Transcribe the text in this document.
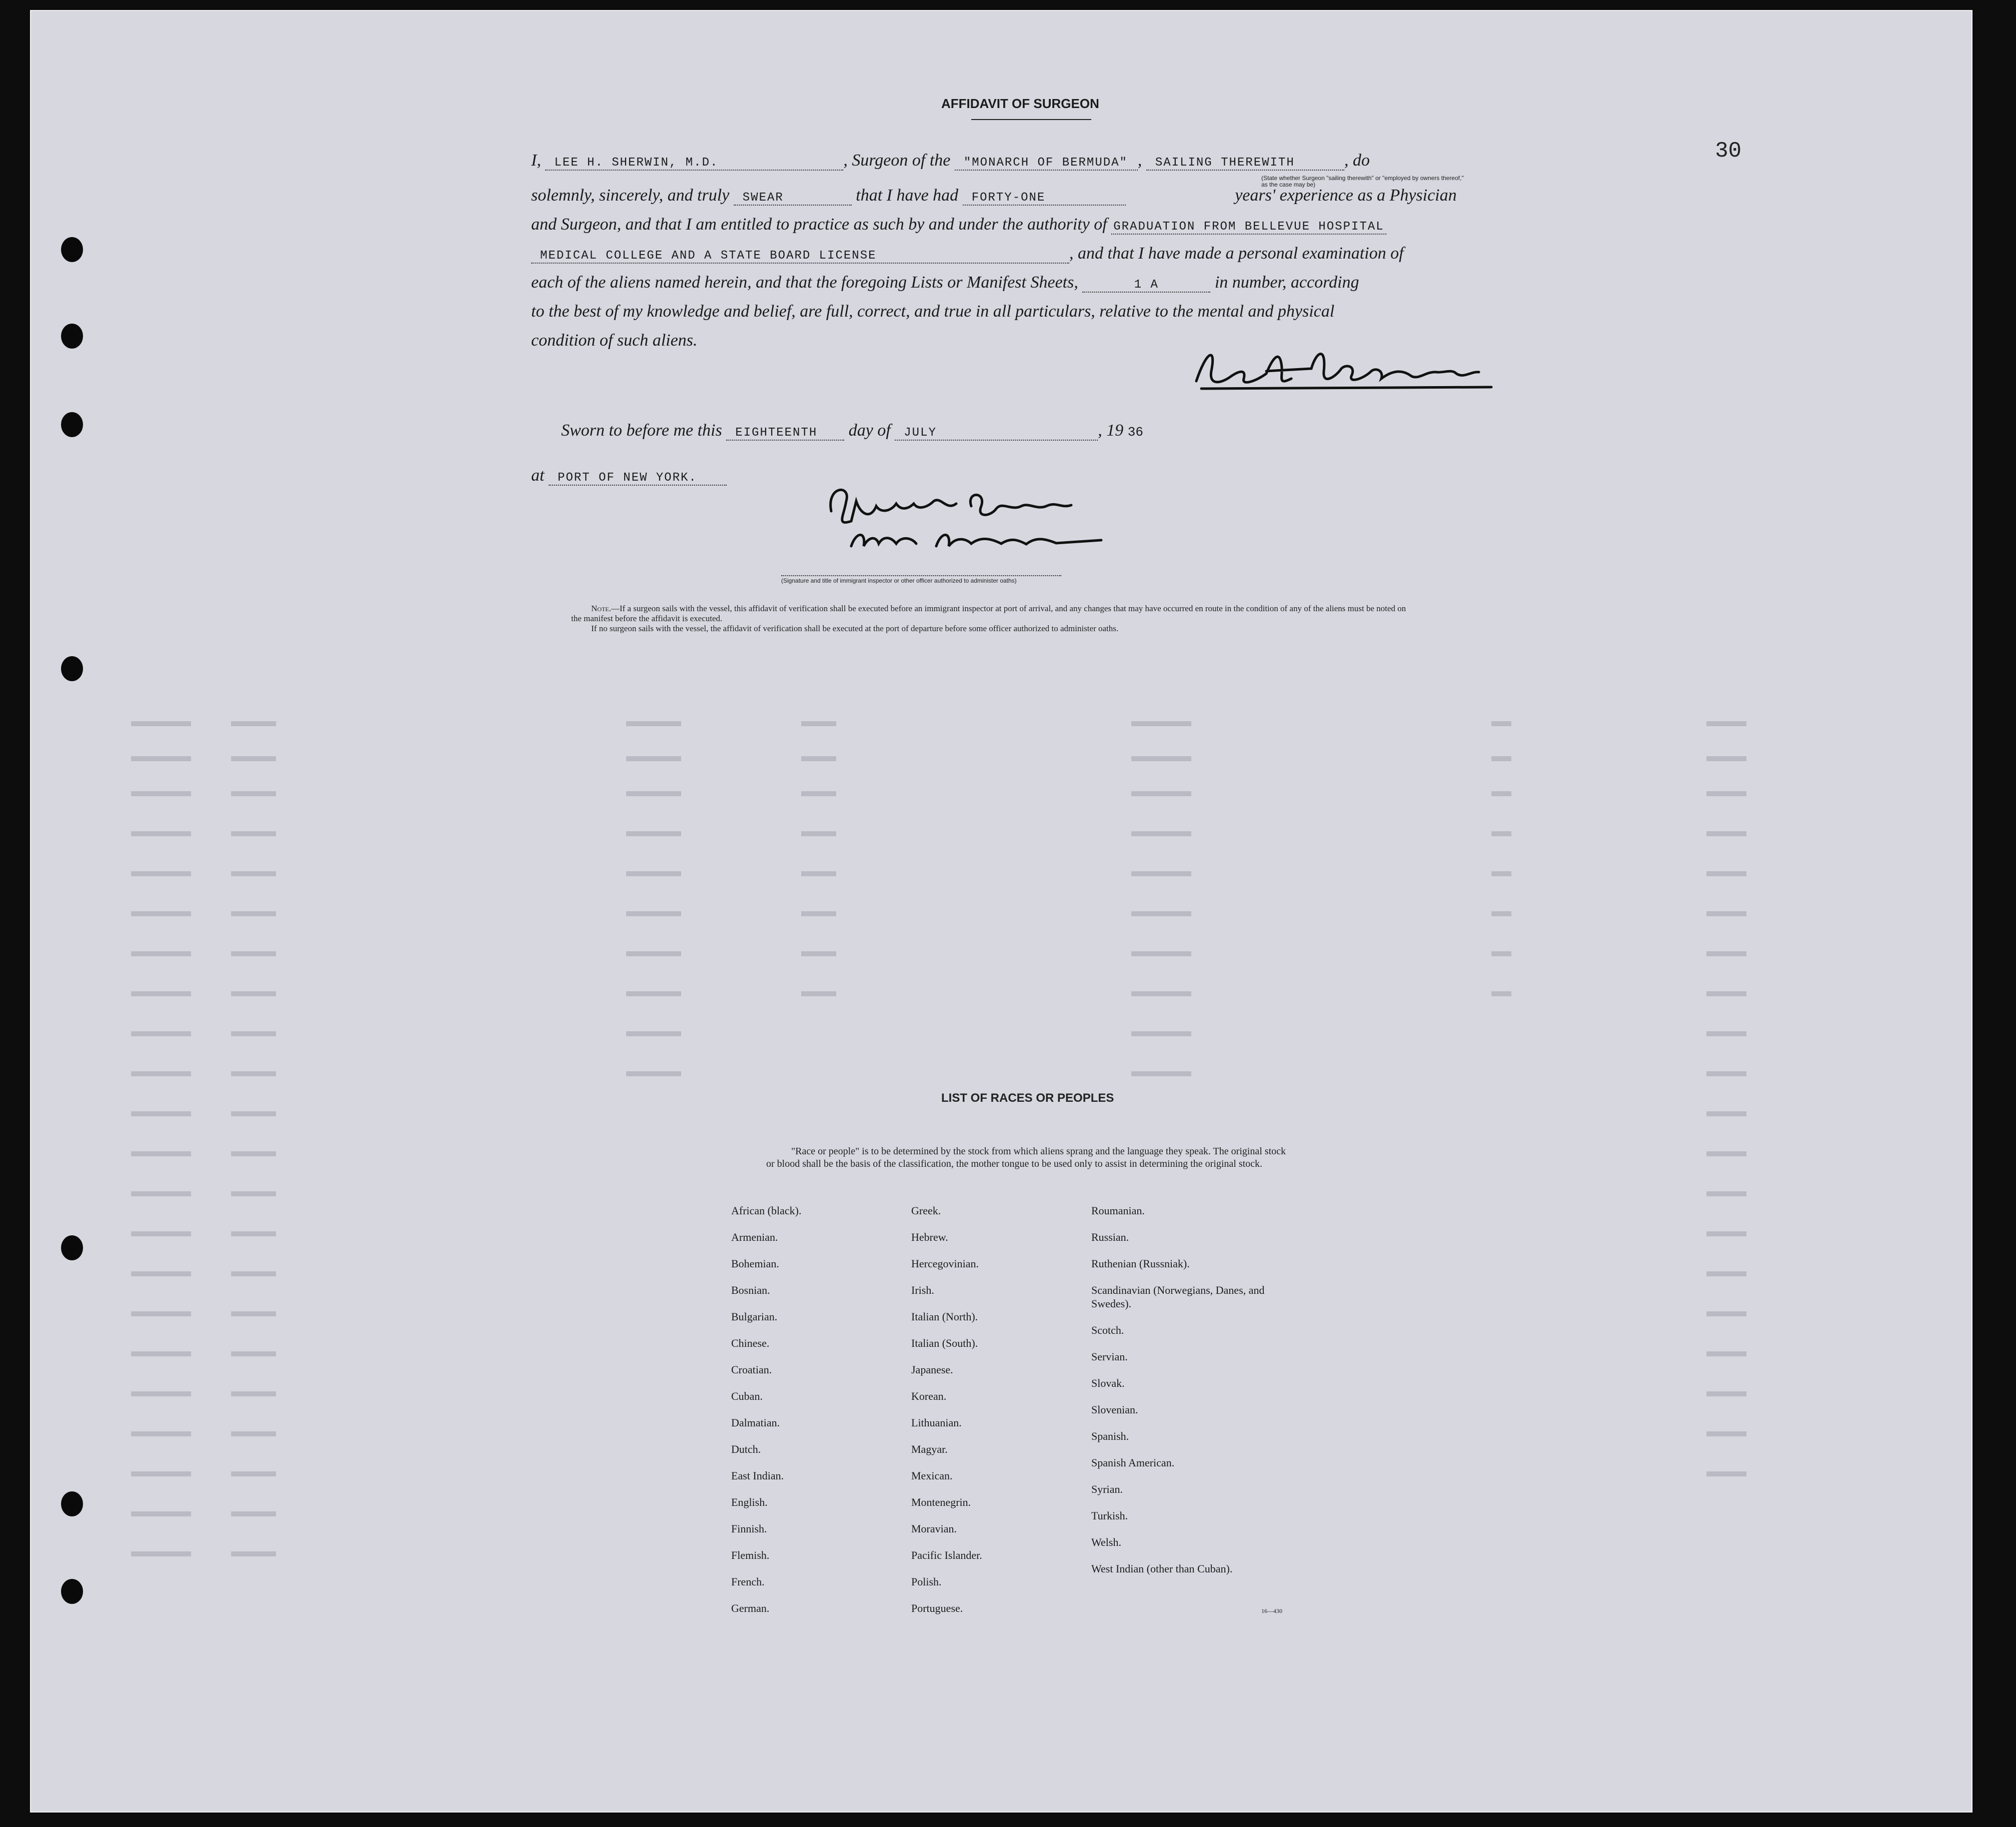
AFFIDAVIT OF SURGEON
I, LEE H. SHERWIN, M.D.	, Surgeon of the "MONARCH OF BERMUDA" , SAILING THEREWITH	, do
(State whether Surgeon "sailing therewith" or "employed by owners thereof," as the case may be)
solemnly, sincerely, and truly SWEAR	that I have had FORTY-ONE	years' experience as a Physician
and Surgeon, and that I am entitled to practice as such by and under the authority of GRADUATION FROM BELLEVUE HOSPITAL
MEDICAL COLLEGE AND A STATE BOARD LICENSE	, and that I have made a personal examination of
each of the aliens named herein, and that the foregoing Lists or Manifest Sheets,	1 A	in number, according
to the best of my knowledge and belief, are full, correct, and true in all particulars, relative to the mental and physical
condition of such aliens.
Sworn to before me this EIGHTEENTH day of JULY	, 19 36
at PORT OF NEW YORK.
(Signature and title of immigrant inspector or other officer authorized to administer oaths)
30
Note.—If a surgeon sails with the vessel, this affidavit of verification shall be executed before an immigrant inspector at port of arrival, and any changes that may have occurred en route in the condition of any of the aliens must be noted on the manifest before the affidavit is executed.
If no surgeon sails with the vessel, the affidavit of verification shall be executed at the port of departure before some officer authorized to administer oaths.
LIST OF RACES OR PEOPLES
"Race or people" is to be determined by the stock from which aliens sprang and the language they speak. The original stock or blood shall be the basis of the classification, the mother tongue to be used only to assist in determining the original stock.
African (black).
Armenian.
Bohemian.
Bosnian.
Bulgarian.
Chinese.
Croatian.
Cuban.
Dalmatian.
Dutch.
East Indian.
English.
Finnish.
Flemish.
French.
German.
Greek.
Hebrew.
Hercegovinian.
Irish.
Italian (North).
Italian (South).
Japanese.
Korean.
Lithuanian.
Magyar.
Mexican.
Montenegrin.
Moravian.
Pacific Islander.
Polish.
Portuguese.
Roumanian.
Russian.
Ruthenian (Russniak).
Scandinavian (Norwegians, Danes, and Swedes).
Scotch.
Servian.
Slovak.
Slovenian.
Spanish.
Spanish American.
Syrian.
Turkish.
Welsh.
West Indian (other than Cuban).
16—430
